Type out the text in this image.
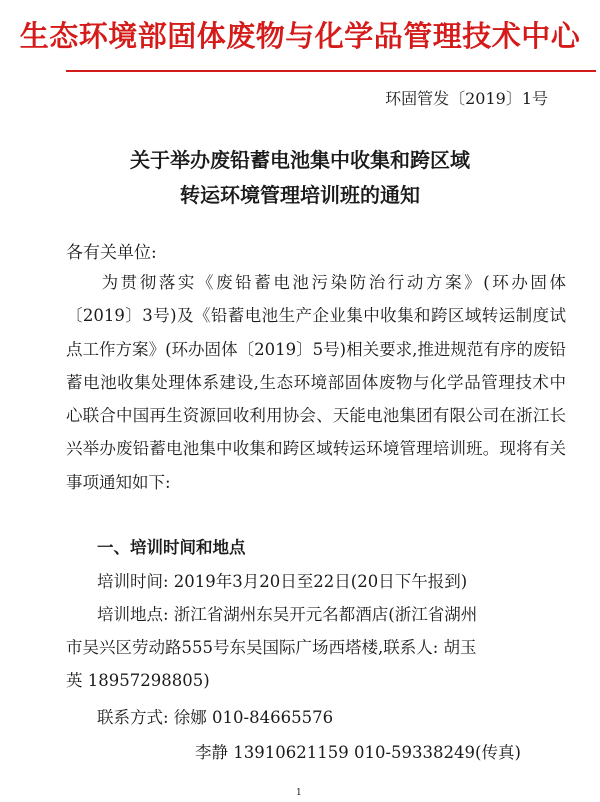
生态环境部固体废物与化学品管理技术中心
环固管发〔2019〕1号
关于举办废铅蓄电池集中收集和跨区域
转运环境管理培训班的通知
各有关单位:

为贯彻落实《废铅蓄电池污染防治行动方案》(环办固体〔2019〕3号)及《铅蓄电池生产企业集中收集和跨区域转运制度试点工作方案》(环办固体〔2019〕5号)相关要求,推进规范有序的废铅蓄电池收集处理体系建设,生态环境部固体废物与化学品管理技术中心联合中国再生资源回收利用协会、天能电池集团有限公司在浙江长兴举办废铅蓄电池集中收集和跨区域转运环境管理培训班。现将有关事项通知如下:

一、培训时间和地点
培训时间: 2019年3月20日至22日(20日下午报到)
培训地点: 浙江省湖州东吴开元名都酒店(浙江省湖州
市吴兴区劳动路555号东吴国际广场西塔楼,联系人: 胡玉
英 18957298805)
联系方式: 徐娜 010-84665576
李静 13910621159 010-59338249(传真)
1
